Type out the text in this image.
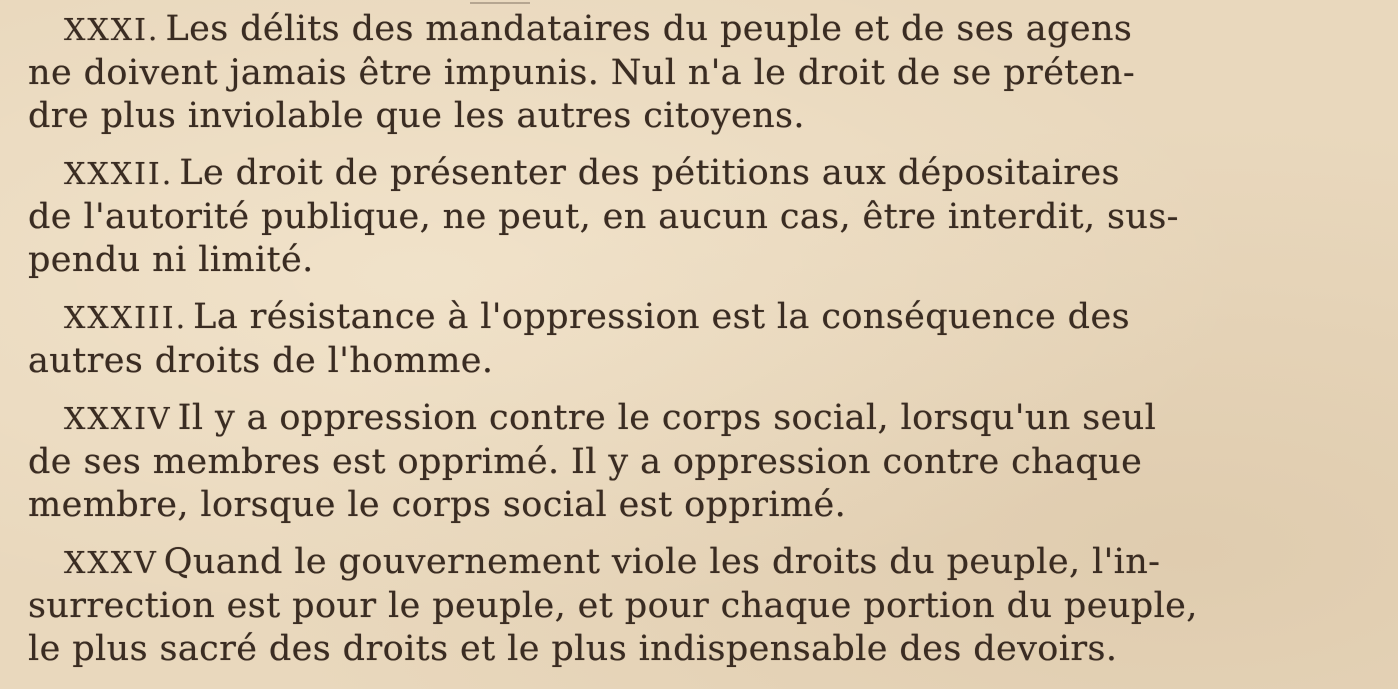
XXXI. Les délits des mandataires du peuple et de ses agens
ne doivent jamais être impunis. Nul n'a le droit de se préten-
dre plus inviolable que les autres citoyens.
XXXII. Le droit de présenter des pétitions aux dépositaires
de l'autorité publique, ne peut, en aucun cas, être interdit, sus-
pendu ni limité.
XXXIII. La résistance à l'oppression est la conséquence des
autres droits de l'homme.
XXXIV Il y a oppression contre le corps social, lorsqu'un seul
de ses membres est opprimé. Il y a oppression contre chaque
membre, lorsque le corps social est opprimé.
XXXV Quand le gouvernement viole les droits du peuple, l'in-
surrection est pour le peuple, et pour chaque portion du peuple,
le plus sacré des droits et le plus indispensable des devoirs.
